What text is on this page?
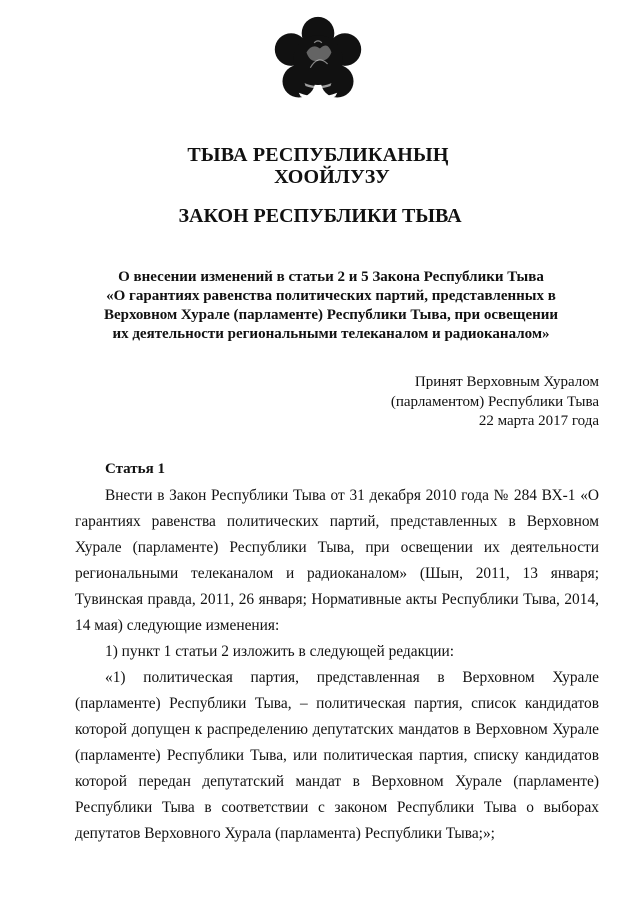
ТЫВА РЕСПУБЛИКАНЫҢ
ХООЙЛУЗУ
ЗАКОН РЕСПУБЛИКИ ТЫВА
О внесении изменений в статьи 2 и 5 Закона Республики Тыва
«О гарантиях равенства политических партий, представленных в
Верховном Хурале (парламенте) Республики Тыва, при освещении
их деятельности региональными телеканалом и радиоканалом»
Принят Верховным Хуралом
(парламентом) Республики Тыва
22 марта 2017 года
Статья 1
Внести в Закон Республики Тыва от 31 декабря 2010 года № 284 ВХ-1 «О
гарантиях равенства политических партий, представленных в Верховном
Хурале (парламенте) Республики Тыва, при освещении их деятельности
региональными телеканалом и радиоканалом» (Шын, 2011, 13 января;
Тувинская правда, 2011, 26 января; Нормативные акты Республики Тыва, 2014,
14 мая) следующие изменения:
1) пункт 1 статьи 2 изложить в следующей редакции:
«1) политическая партия, представленная в Верховном Хурале
(парламенте) Республики Тыва, – политическая партия, список кандидатов
которой допущен к распределению депутатских мандатов в Верховном Хурале
(парламенте) Республики Тыва, или политическая партия, списку кандидатов
которой передан депутатский мандат в Верховном Хурале (парламенте)
Республики Тыва в соответствии с законом Республики Тыва о выборах
депутатов Верховного Хурала (парламента) Республики Тыва;»;
